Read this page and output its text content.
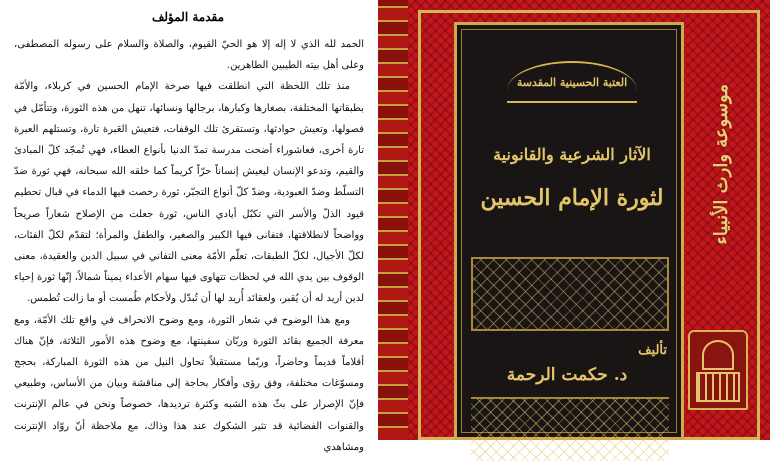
مقدمة المؤلف

الحمد لله الذي لا إله إلا هو الحيّ القيوم، والصلاة والسلام على رسوله المصطفى، وعلى أهل بيته الطيبين الطاهرين.

منذ تلك اللحظة التي انطلقت فيها صرخة الإمام الحسين في كربلاء، والأمّة بطبقاتها المختلفة، بصغارها وكبارها، برجالها ونسائها، تنهل من هذه الثورة، وتتأمّل في فصولها، وتعيش حوادثها، وتستقرئ تلك الوقفات، فتعيش العَبرة تارة، وتستلهم العبرة تارة أخرى، فعاشوراء أضحت مدرسة تمدّ الدنيا بأنواع العطاء، فهي تُمجّد كلّ المبادئ والقيم، وتدعو الإنسان ليعيش إنساناً حرّاً كريماً كما خلقه الله سبحانه، فهي ثورة ضدّ التسلّط وضدّ العبودية، وضدّ كلّ أنواع التجبّر، ثورة رخصت فيها الدماء في قبال تحطيم قيود الذلّ والأسر التي تكبّل أيادي الناس، ثورة جعلت من الإصلاح شعاراً صريحاً وواضحاً لانطلاقتها، فتفانى فيها الكبير والصغير، والطفل والمرأة؛ لتقدّم لكلّ الفئات، لكلّ الأجيال، لكلّ الطبقات، تعلّم الأمّة معنى التفاني في سبيل الدين والعقيدة، معنى الوقوف بين يدي الله في لحظات تتهاوى فيها سهام الأعداء يميناً شمالاً، إنّها ثورة إحياء لدين أريد له أن يُقبر، ولعقائد أُريد لها أن تُبدّل ولأحكام طُمست أو ما زالت تُطمس.

ومع هذا الوضوح في شعار الثورة، ومع وضوح الانحراف في واقع تلك الأمّة، ومع معرفة الجميع بقائد الثورة وربّان سفينتها، مع وضوح هذه الأمور الثلاثة، فإنّ هناك أقلاماً قديماً وحاضراً، وربّما مستقبلاً تحاول النيل من هذه الثورة المباركة، بحجج ومسوّغات مختلفة، وفق رؤى وأفكار بحاجة إلى مناقشة وبيان من الأساس، وطبيعي فإنّ الإصرار على بثّ هذه الشبه وكثرة ترديدها، خصوصاً ونحن في عالم الإنترنت والقنوات الفضائية قد تثير الشكوك عند هذا وذاك، مع ملاحظة أنّ روّاد الإنترنت ومشاهدي

العتبة الحسينية المقدسة
الآثار الشرعية والقانونية
لثورة الإمام الحسين
تأليف
د. حكمت الرحمة
موسوعة وارث الأنبياء
